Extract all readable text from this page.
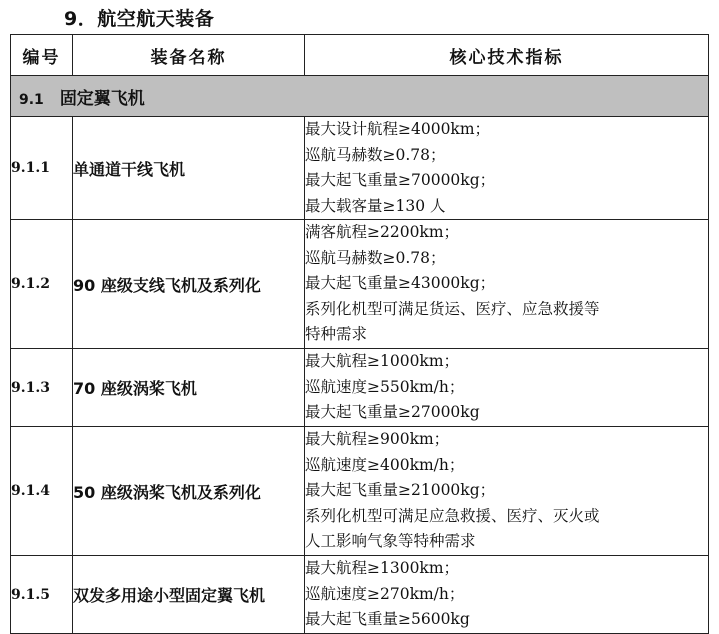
9．航空航天装备
编号	装备名称	核心技术指标
9.1 固定翼飞机		
9.1.1	单通道干线飞机	最大设计航程≥4000km；
巡航马赫数≥0.78；
最大起飞重量≥70000kg；
最大载客量≥130 人

9.1.2	90 座级支线飞机及系列化	满客航程≥2200km；
巡航马赫数≥0.78；
最大起飞重量≥43000kg；
系列化机型可满足货运、医疗、应急救援等
特种需求

9.1.3	70 座级涡桨飞机	最大航程≥1000km；
巡航速度≥550km/h；
最大起飞重量≥27000kg

9.1.4	50 座级涡桨飞机及系列化	最大航程≥900km；
巡航速度≥400km/h；
最大起飞重量≥21000kg；
系列化机型可满足应急救援、医疗、灭火或
人工影响气象等特种需求

9.1.5	双发多用途小型固定翼飞机	最大航程≥1300km；
巡航速度≥270km/h；
最大起飞重量≥5600kg
